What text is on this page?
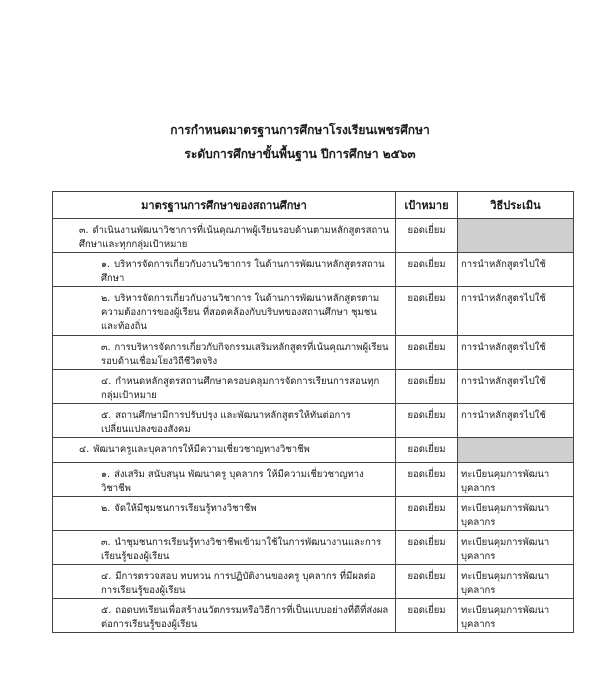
การกำหนดมาตรฐานการศึกษาโรงเรียนเพชรศึกษา
ระดับการศึกษาขั้นพื้นฐาน ปีการศึกษา ๒๕๖๓
มาตรฐานการศึกษาของสถานศึกษา	เป้าหมาย	วิธีประเมิน
๓. ดำเนินงานพัฒนาวิชาการที่เน้นคุณภาพผู้เรียนรอบด้านตามหลักสูตรสถานศึกษาและทุกกลุ่มเป้าหมาย	ยอดเยี่ยม	
๑. บริหารจัดการเกี่ยวกับงานวิชาการ ในด้านการพัฒนาหลักสูตรสถานศึกษา	ยอดเยี่ยม	การนำหลักสูตรไปใช้
๒. บริหารจัดการเกี่ยวกับงานวิชาการ ในด้านการพัฒนาหลักสูตรตามความต้องการของผู้เรียน ที่สอดคล้องกับบริบทของสถานศึกษา ชุมชน และท้องถิ่น	ยอดเยี่ยม	การนำหลักสูตรไปใช้
๓. การบริหารจัดการเกี่ยวกับกิจกรรมเสริมหลักสูตรที่เน้นคุณภาพผู้เรียนรอบด้านเชื่อมโยงวิถีชีวิตจริง	ยอดเยี่ยม	การนำหลักสูตรไปใช้
๔. กำหนดหลักสูตรสถานศึกษาครอบคลุมการจัดการเรียนการสอนทุกกลุ่มเป้าหมาย	ยอดเยี่ยม	การนำหลักสูตรไปใช้
๕. สถานศึกษามีการปรับปรุง และพัฒนาหลักสูตรให้ทันต่อการเปลี่ยนแปลงของสังคม	ยอดเยี่ยม	การนำหลักสูตรไปใช้
๔. พัฒนาครูและบุคลากรให้มีความเชี่ยวชาญทางวิชาชีพ	ยอดเยี่ยม	
๑. ส่งเสริม สนับสนุน พัฒนาครู บุคลากร ให้มีความเชี่ยวชาญทางวิชาชีพ	ยอดเยี่ยม	ทะเบียนคุมการพัฒนาบุคลากร
๒. จัดให้มีชุมชนการเรียนรู้ทางวิชาชีพ	ยอดเยี่ยม	ทะเบียนคุมการพัฒนาบุคลากร
๓. นำชุมชนการเรียนรู้ทางวิชาชีพเข้ามาใช้ในการพัฒนางานและการเรียนรู้ของผู้เรียน	ยอดเยี่ยม	ทะเบียนคุมการพัฒนาบุคลากร
๔. มีการตรวจสอบ ทบทวน การปฏิบัติงานของครู บุคลากร ที่มีผลต่อการเรียนรู้ของผู้เรียน	ยอดเยี่ยม	ทะเบียนคุมการพัฒนาบุคลากร
๕. ถอดบทเรียนเพื่อสร้างนวัตกรรมหรือวิธีการที่เป็นแบบอย่างที่ดีที่ส่งผลต่อการเรียนรู้ของผู้เรียน	ยอดเยี่ยม	ทะเบียนคุมการพัฒนาบุคลากร
